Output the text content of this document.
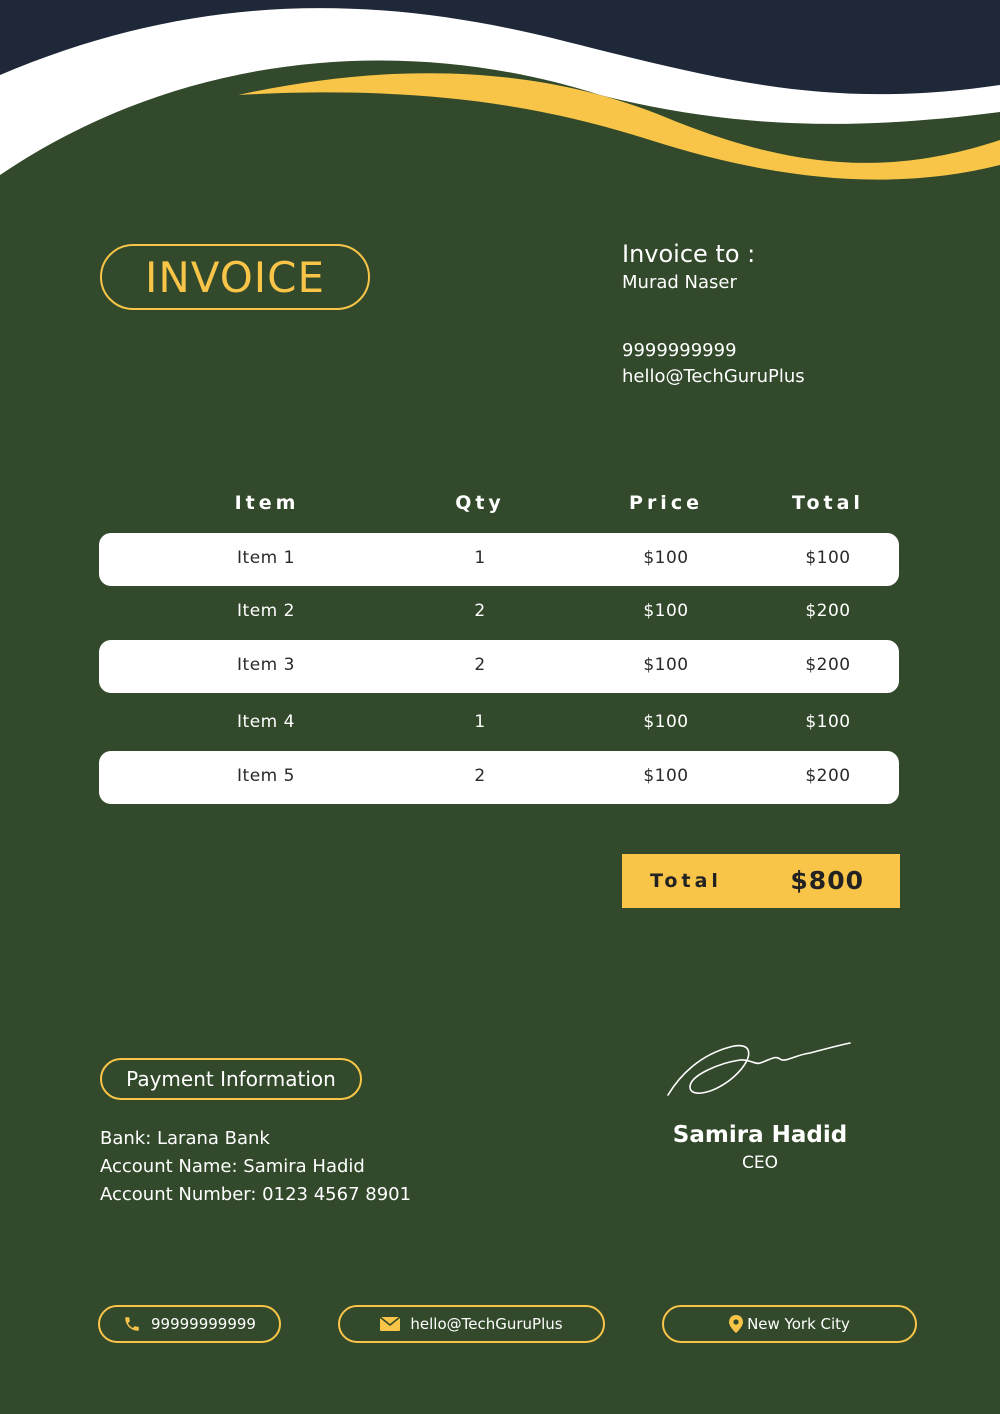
INVOICE	Invoice to :
Murad Naser
9999999999
hello@TechGuruPlus
Item	Qty	Price	Total
Item 1	1	$100	$100
Item 2	2	$100	$200
Item 3	2	$100	$200
Item 4	1	$100	$100
Item 5	2	$100	$200
Total	$800
Payment Information
Bank: Larana Bank
Account Name: Samira Hadid
Account Number: 0123 4567 8901
Samira Hadid
CEO
99999999999	hello@TechGuruPlus	New York City
